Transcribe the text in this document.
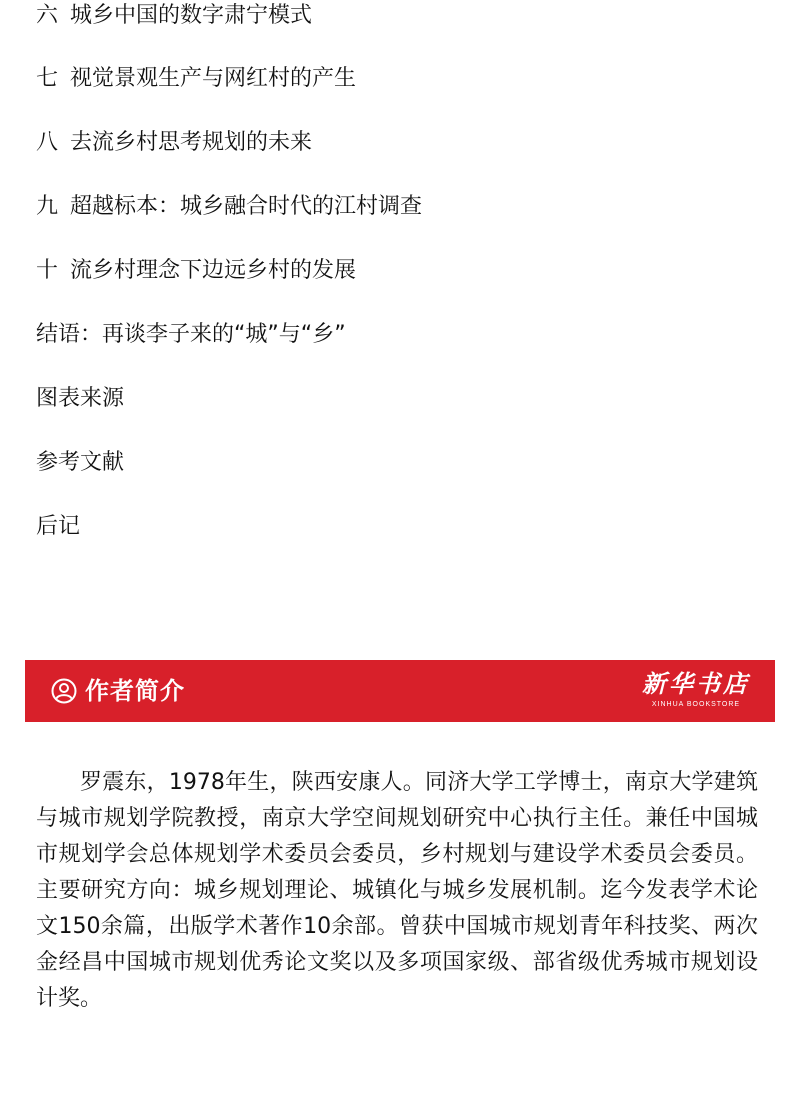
六 城乡中国的数字肃宁模式
七 视觉景观生产与网红村的产生
八 去流乡村思考规划的未来
九 超越标本：城乡融合时代的江村调查
十 流乡村理念下边远乡村的发展
结语：再谈李子来的“城”与“乡”
图表来源
参考文献
后记
作者简介	新华书店
XINHUA BOOKSTORE

罗震东，1978年生，陕西安康人。同济大学工学博士，南京大学建筑与城市规划学院教授，南京大学空间规划研究中心执行主任。兼任中国城市规划学会总体规划学术委员会委员，乡村规划与建设学术委员会委员。主要研究方向：城乡规划理论、城镇化与城乡发展机制。迄今发表学术论文150余篇，出版学术著作10余部。曾获中国城市规划青年科技奖、两次金经昌中国城市规划优秀论文奖以及多项国家级、部省级优秀城市规划设计奖。
